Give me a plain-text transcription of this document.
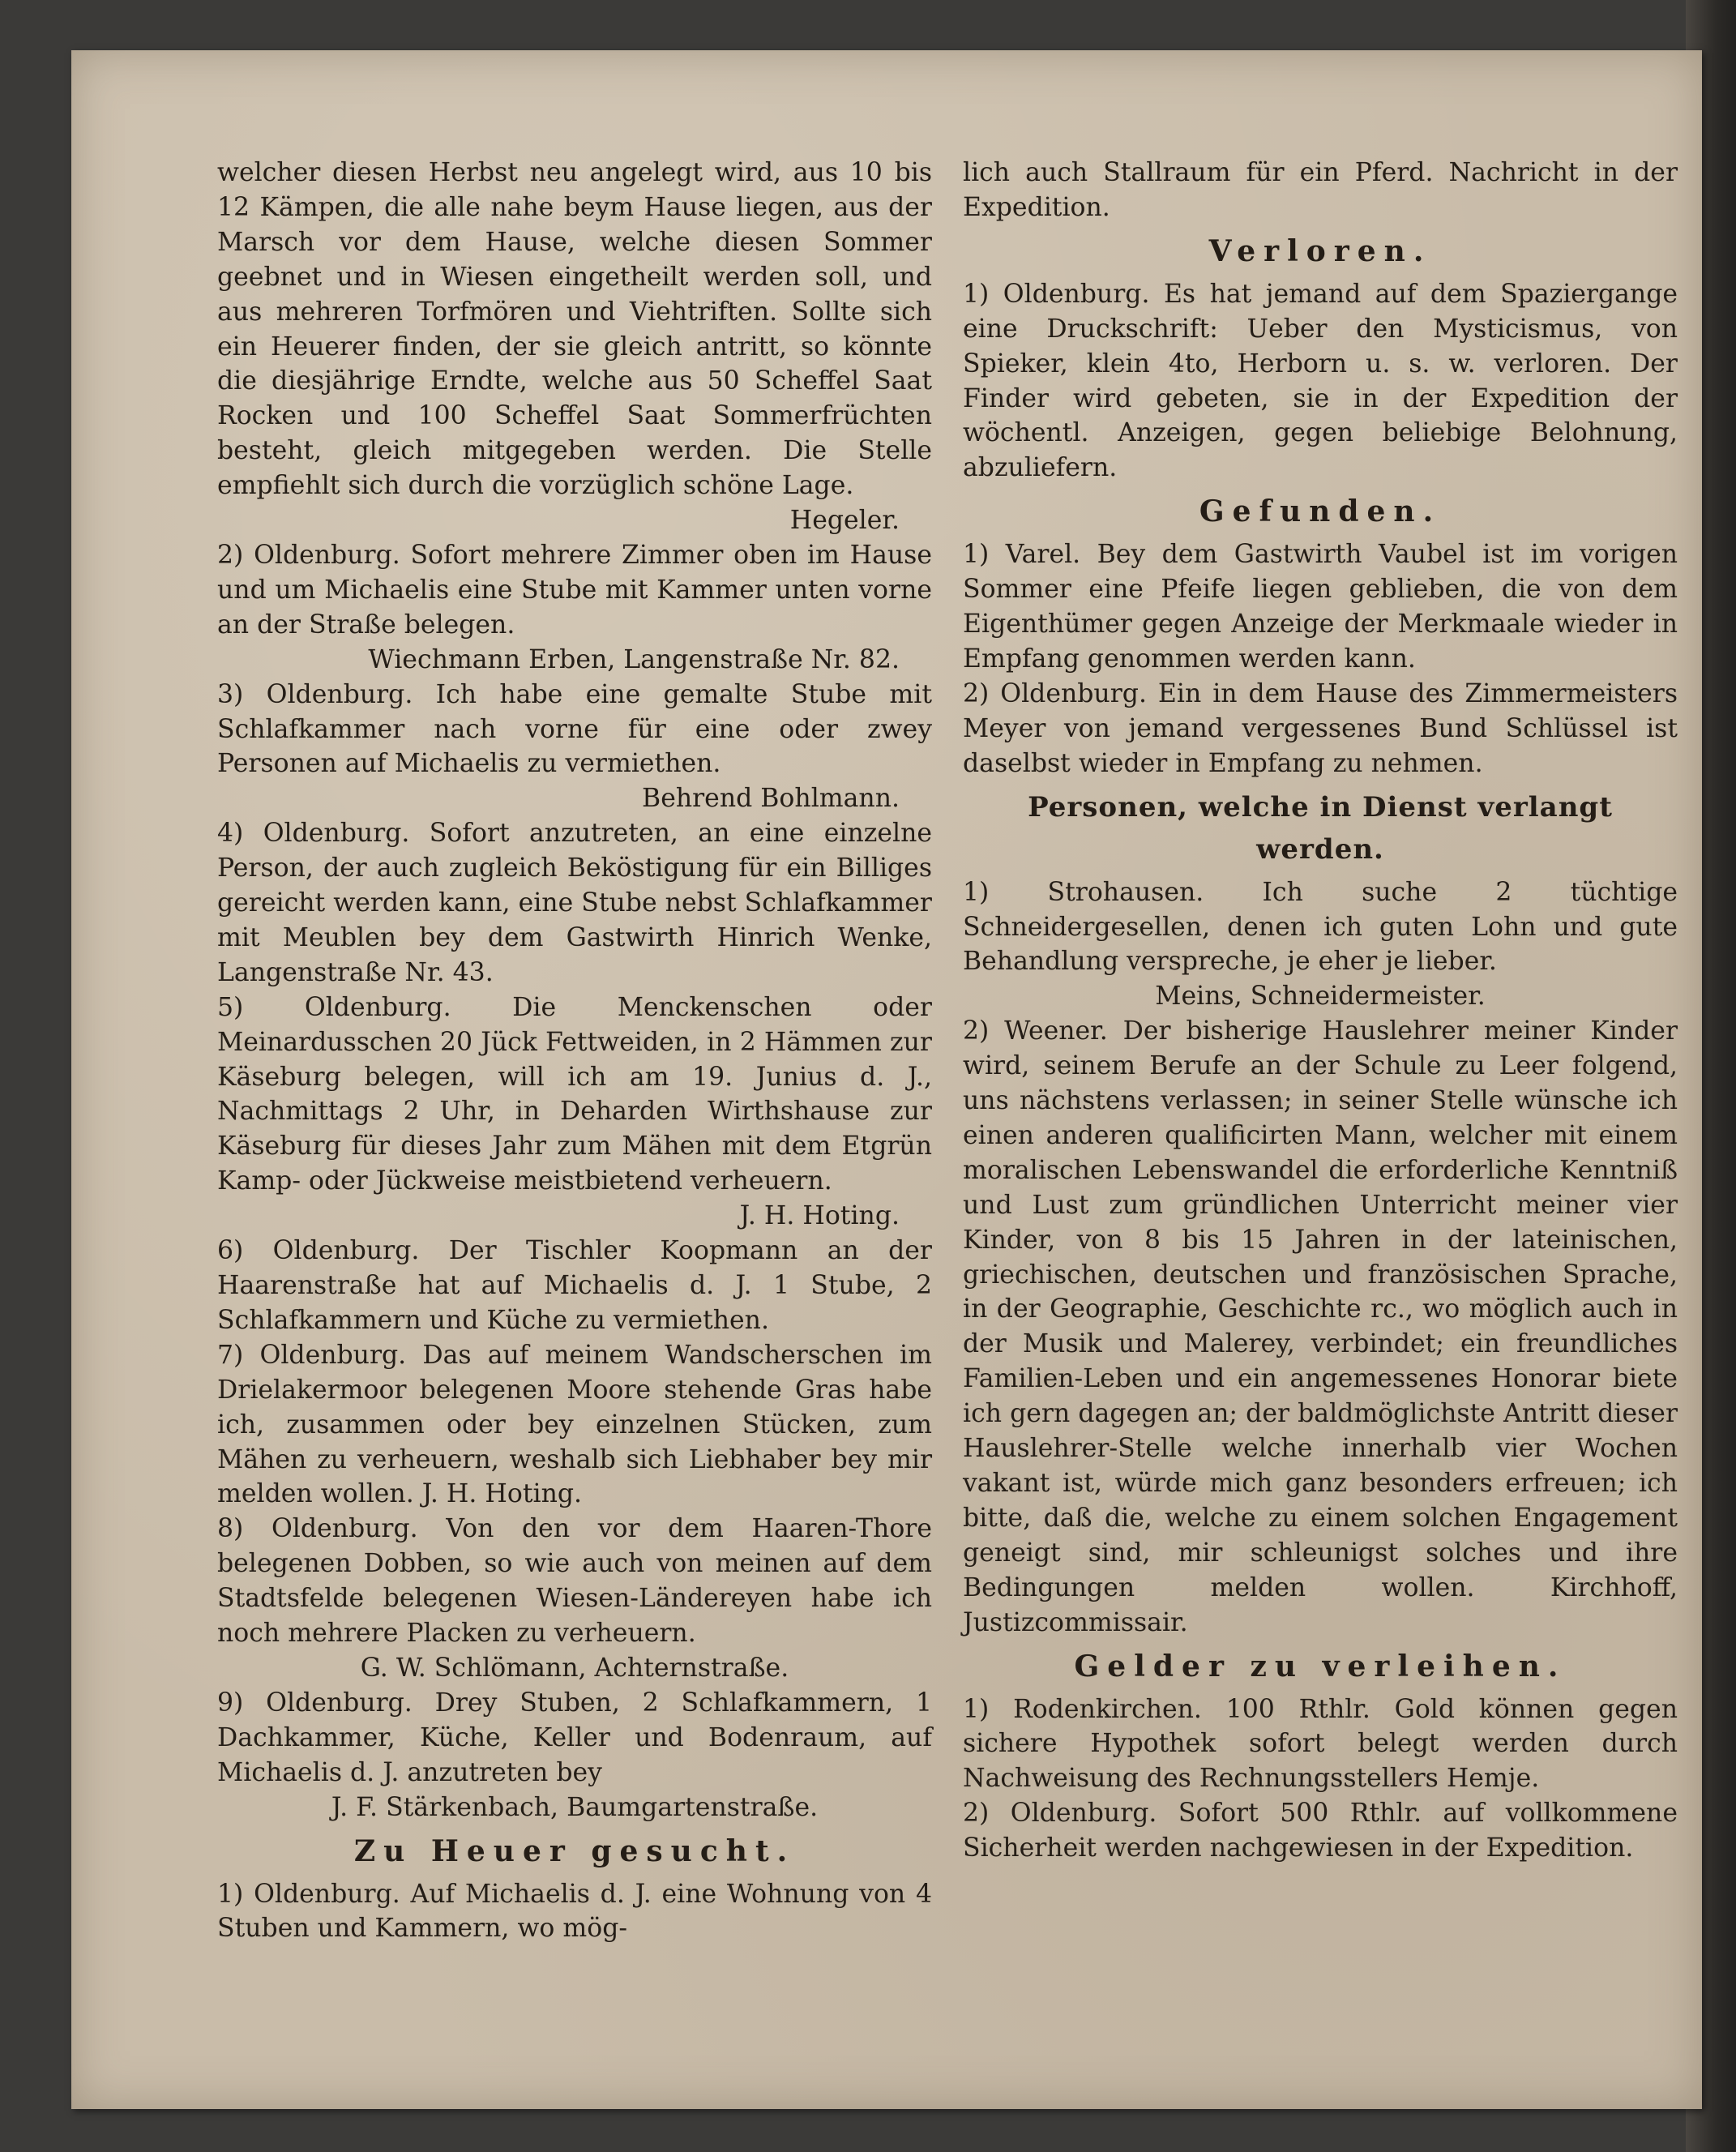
welcher diesen Herbst neu angelegt wird, aus 10 bis 12 Kämpen, die alle nahe beym Hause liegen, aus der Marsch vor dem Hause, welche diesen Sommer geebnet und in Wiesen eingetheilt werden soll, und aus mehreren Torfmören und Viehtriften. Sollte sich ein Heuerer finden, der sie gleich antritt, so könnte die diesjährige Erndte, welche aus 50 Scheffel Saat Rocken und 100 Scheffel Saat Sommerfrüchten besteht, gleich mitgegeben werden. Die Stelle empfiehlt sich durch die vorzüglich schöne Lage.

Hegeler.

2) Oldenburg. Sofort mehrere Zimmer oben im Hause und um Michaelis eine Stube mit Kammer unten vorne an der Straße belegen.

Wiechmann Erben, Langenstraße Nr. 82.

3) Oldenburg. Ich habe eine gemalte Stube mit Schlafkammer nach vorne für eine oder zwey Personen auf Michaelis zu vermiethen.

Behrend Bohlmann.

4) Oldenburg. Sofort anzutreten, an eine einzelne Person, der auch zugleich Beköstigung für ein Billiges gereicht werden kann, eine Stube nebst Schlafkammer mit Meublen bey dem Gastwirth Hinrich Wenke, Langenstraße Nr. 43.

5) Oldenburg. Die Menckenschen oder Meinardusschen 20 Jück Fettweiden, in 2 Hämmen zur Käseburg belegen, will ich am 19. Junius d. J., Nachmittags 2 Uhr, in Deharden Wirthshause zur Käseburg für dieses Jahr zum Mähen mit dem Etgrün Kamp- oder Jückweise meistbietend verheuern.

J. H. Hoting.

6) Oldenburg. Der Tischler Koopmann an der Haarenstraße hat auf Michaelis d. J. 1 Stube, 2 Schlafkammern und Küche zu vermiethen.

7) Oldenburg. Das auf meinem Wandscherschen im Drielakermoor belegenen Moore stehende Gras habe ich, zusammen oder bey einzelnen Stücken, zum Mähen zu verheuern, weshalb sich Liebhaber bey mir melden wollen. J. H. Hoting.

8) Oldenburg. Von den vor dem Haaren-Thore belegenen Dobben, so wie auch von meinen auf dem Stadtsfelde belegenen Wiesen-Ländereyen habe ich noch mehrere Placken zu verheuern.

G. W. Schlömann, Achternstraße.

9) Oldenburg. Drey Stuben, 2 Schlafkammern, 1 Dachkammer, Küche, Keller und Bodenraum, auf Michaelis d. J. anzutreten bey

J. F. Stärkenbach, Baumgartenstraße.

Zu Heuer gesucht.

1) Oldenburg. Auf Michaelis d. J. eine Wohnung von 4 Stuben und Kammern, wo mög-

lich auch Stallraum für ein Pferd. Nachricht in der Expedition.

Verloren.

1) Oldenburg. Es hat jemand auf dem Spaziergange eine Druckschrift: Ueber den Mysticismus, von Spieker, klein 4to, Herborn u. s. w. verloren. Der Finder wird gebeten, sie in der Expedition der wöchentl. Anzeigen, gegen beliebige Belohnung, abzuliefern.

Gefunden.

1) Varel. Bey dem Gastwirth Vaubel ist im vorigen Sommer eine Pfeife liegen geblieben, die von dem Eigenthümer gegen Anzeige der Merkmaale wieder in Empfang genommen werden kann.

2) Oldenburg. Ein in dem Hause des Zimmermeisters Meyer von jemand vergessenes Bund Schlüssel ist daselbst wieder in Empfang zu nehmen.

Personen, welche in Dienst verlangt werden.

1) Strohausen. Ich suche 2 tüchtige Schneidergesellen, denen ich guten Lohn und gute Behandlung versprechе, je eher je lieber.

Meins, Schneidermeister.

2) Weener. Der bisherige Hauslehrer meiner Kinder wird, seinem Berufe an der Schule zu Leer folgend, uns nächstens verlassen; in seiner Stelle wünsche ich einen anderen qualificirten Mann, welcher mit einem moralischen Lebenswandel die erforderliche Kenntniß und Lust zum gründlichen Unterricht meiner vier Kinder, von 8 bis 15 Jahren in der lateinischen, griechischen, deutschen und französischen Sprache, in der Geographie, Geschichte rc., wo möglich auch in der Musik und Malerey, verbindet; ein freundliches Familien-Leben und ein angemessenes Honorar biete ich gern dagegen an; der baldmöglichste Antritt dieser Hauslehrer-Stelle welche innerhalb vier Wochen vakant ist, würde mich ganz besonders erfreuen; ich bitte, daß die, welche zu einem solchen Engagement geneigt sind, mir schleunigst solches und ihre Bedingungen melden wollen. Kirchhoff, Justizcommissair.

Gelder zu verleihen.

1) Rodenkirchen. 100 Rthlr. Gold können gegen sichere Hypothek sofort belegt werden durch Nachweisung des Rechnungsstellers Hemje.

2) Oldenburg. Sofort 500 Rthlr. auf vollkommene Sicherheit werden nachgewiesen in der Expedition.
